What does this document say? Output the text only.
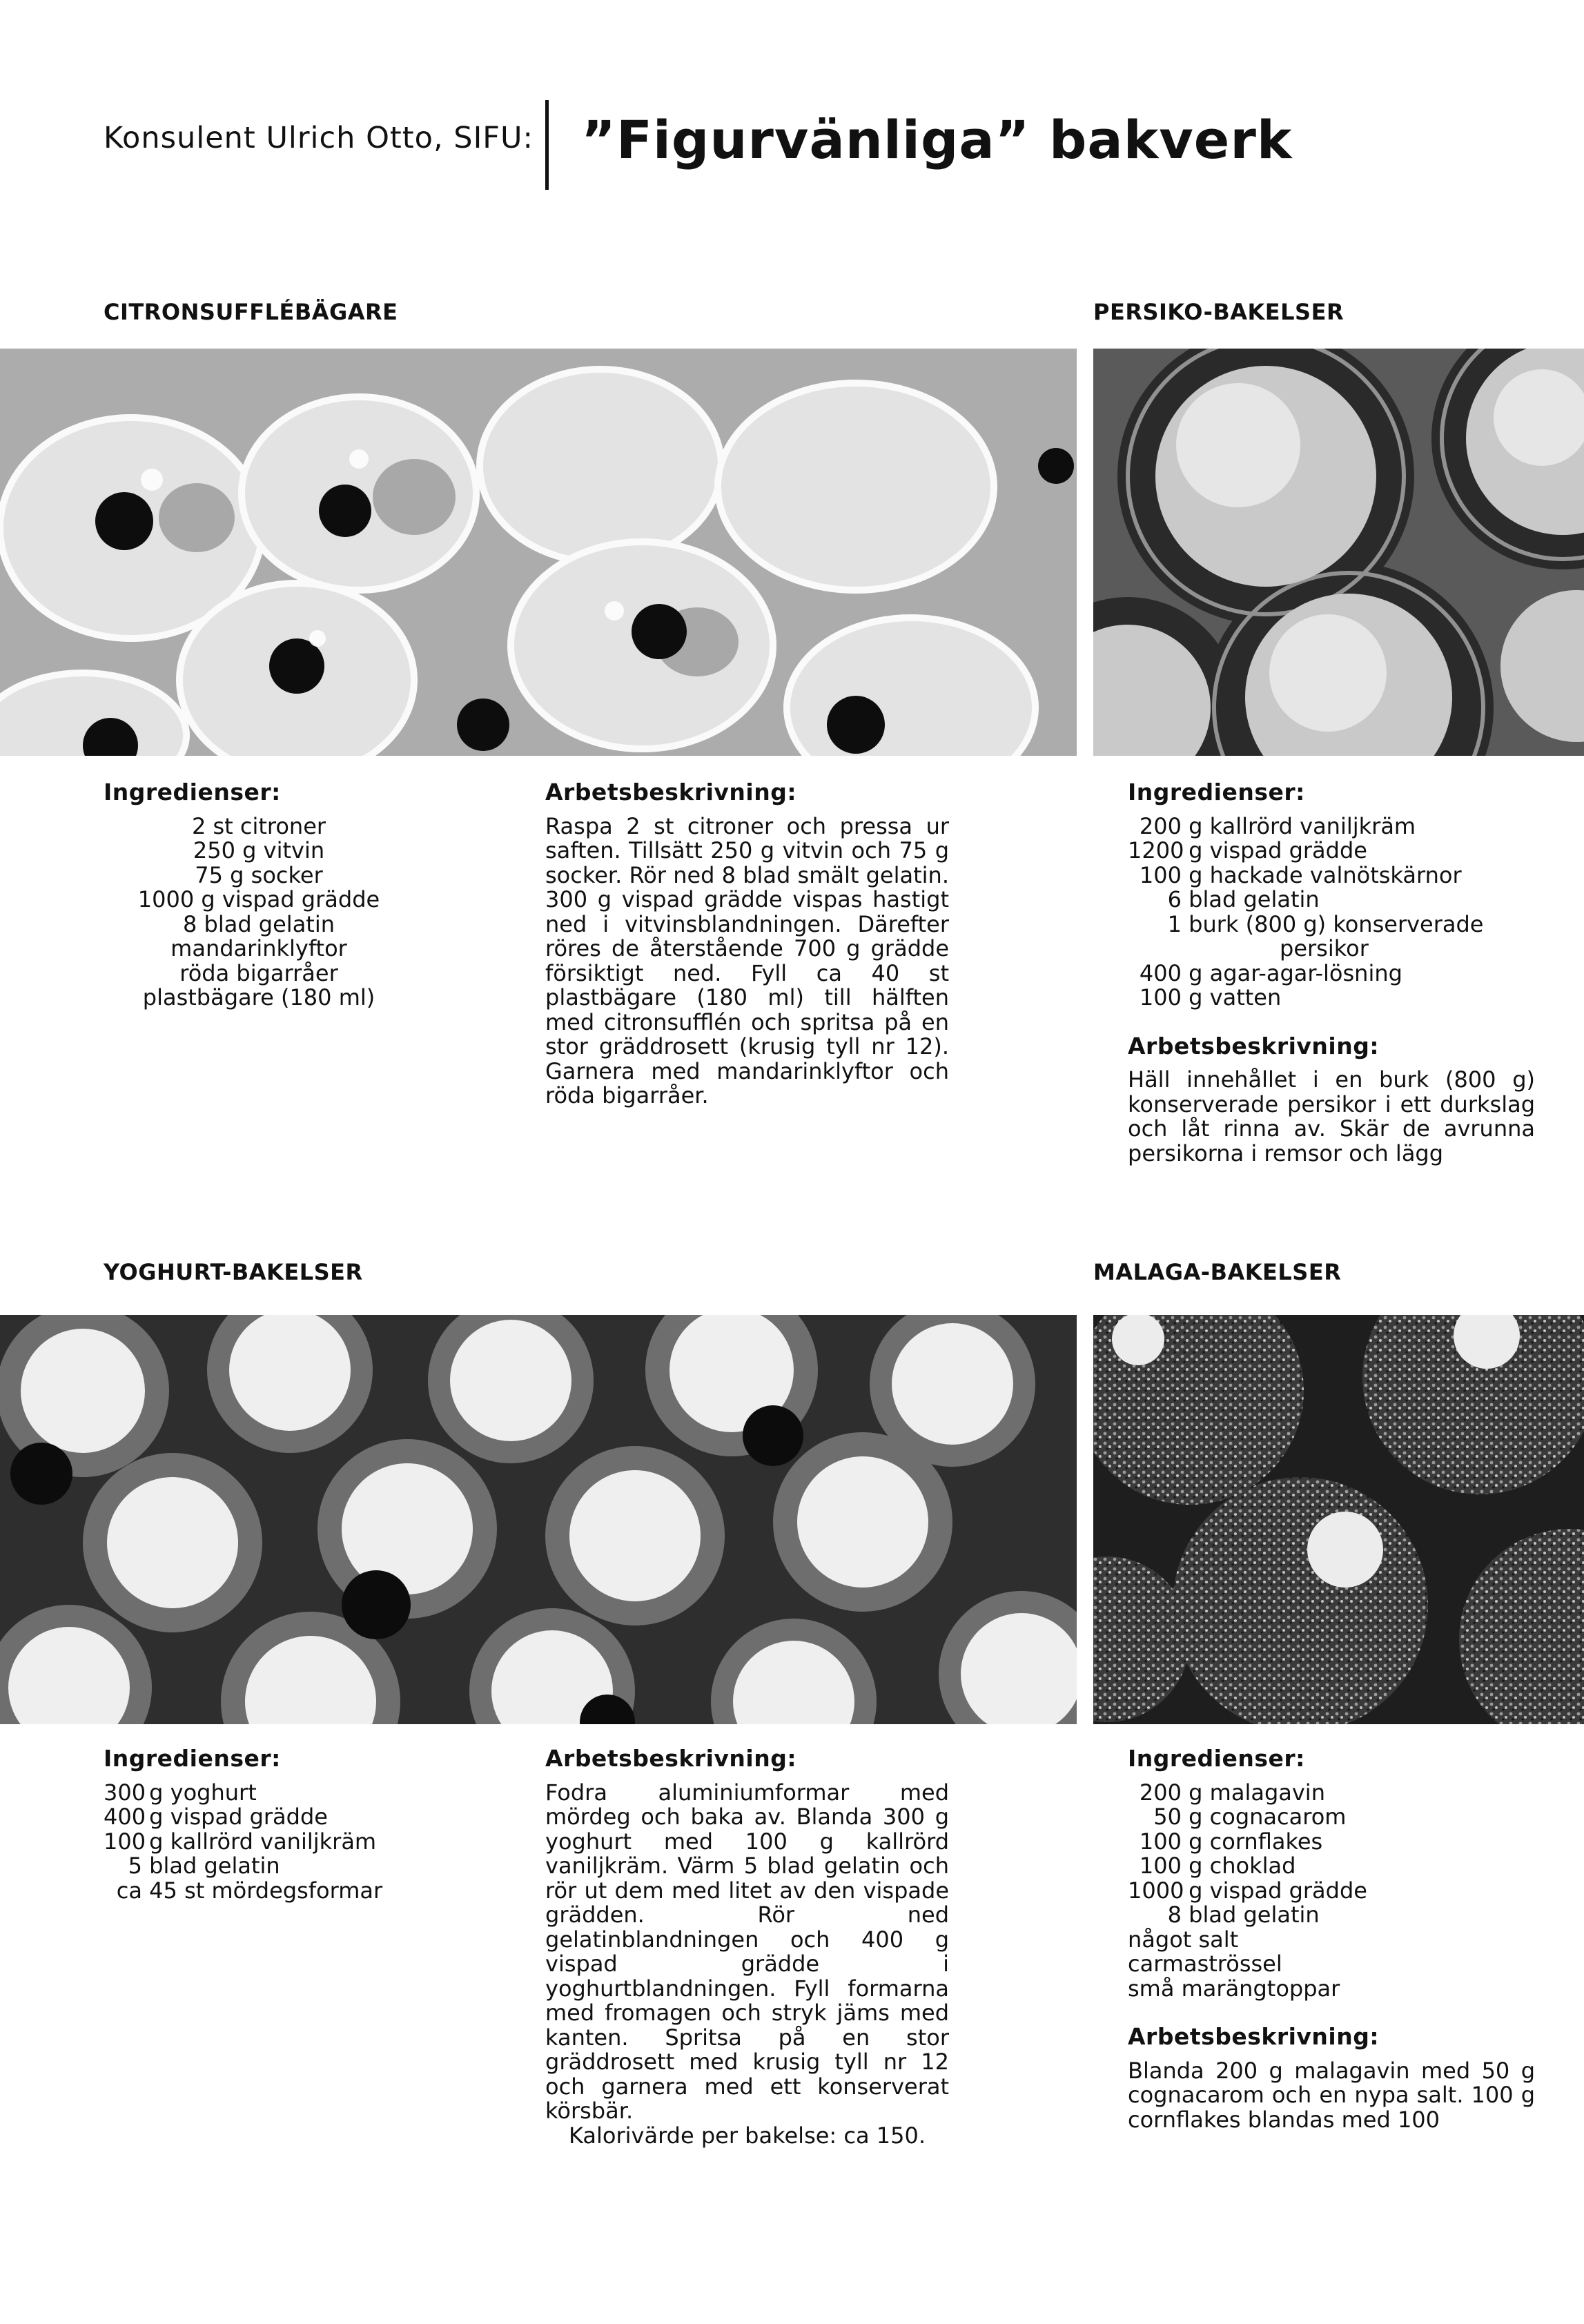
Konsulent Ulrich Otto, SIFU: ”Figurvänliga” bakverk
CITRONSUFFLÉBÄGARE	PERSIKO-BAKELSER
YOGHURT-BAKELSER	MALAGA-BAKELSER
Ingredienser:
2 st citroner
250 g vitvin
75 g socker
1000 g vispad grädde
8 blad gelatin
mandarinklyftor
röda bigarråer
plastbägare (180 ml)
Arbetsbeskrivning:

Raspa 2 st citroner och pressa ur saften. Tillsätt 250 g vitvin och 75 g socker. Rör ned 8 blad smält gelatin. 300 g vispad grädde vispas hastigt ned i vitvinsblandningen. Därefter röres de återstående 700 g grädde försiktigt ned. Fyll ca 40 st plastbägare (180 ml) till hälften med citronsufflén och spritsa på en stor gräddrosett (krusig tyll nr 12). Garnera med mandarinklyftor och röda bigarråer.

Ingredienser:
200 g kallrörd vaniljkräm
1200 g vispad grädde
100 g hackade valnötskärnor
6 blad gelatin
1 burk (800 g) konserverade
persikor
400 g agar-agar-lösning
100 g vatten
Arbetsbeskrivning:

Häll innehållet i en burk (800 g) konserverade persikor i ett durkslag och låt rinna av. Skär de avrunna persikorna i remsor och lägg

Ingredienser:
300 g yoghurt
400 g vispad grädde
100 g kallrörd vaniljkräm
5 blad gelatin
ca 45 st mördegsformar
Arbetsbeskrivning:

Fodra aluminiumformar med mördeg och baka av. Blanda 300 g yoghurt med 100 g kallrörd vaniljkräm. Värm 5 blad gelatin och rör ut dem med litet av den vispade grädden. Rör ned gelatinblandningen och 400 g vispad grädde i yoghurtblandningen. Fyll formarna med fromagen och stryk jäms med kanten. Spritsa på en stor gräddrosett med krusig tyll nr 12 och garnera med ett konserverat körsbär.

Kalorivärde per bakelse: ca 150.

Ingredienser:
200 g malagavin
50 g cognacarom
100 g cornflakes
100 g choklad
1000 g vispad grädde
8 blad gelatin
något salt
carmaströssel
små marängtoppar
Arbetsbeskrivning:

Blanda 200 g malagavin med 50 g cognacarom och en nypa salt. 100 g cornflakes blandas med 100
